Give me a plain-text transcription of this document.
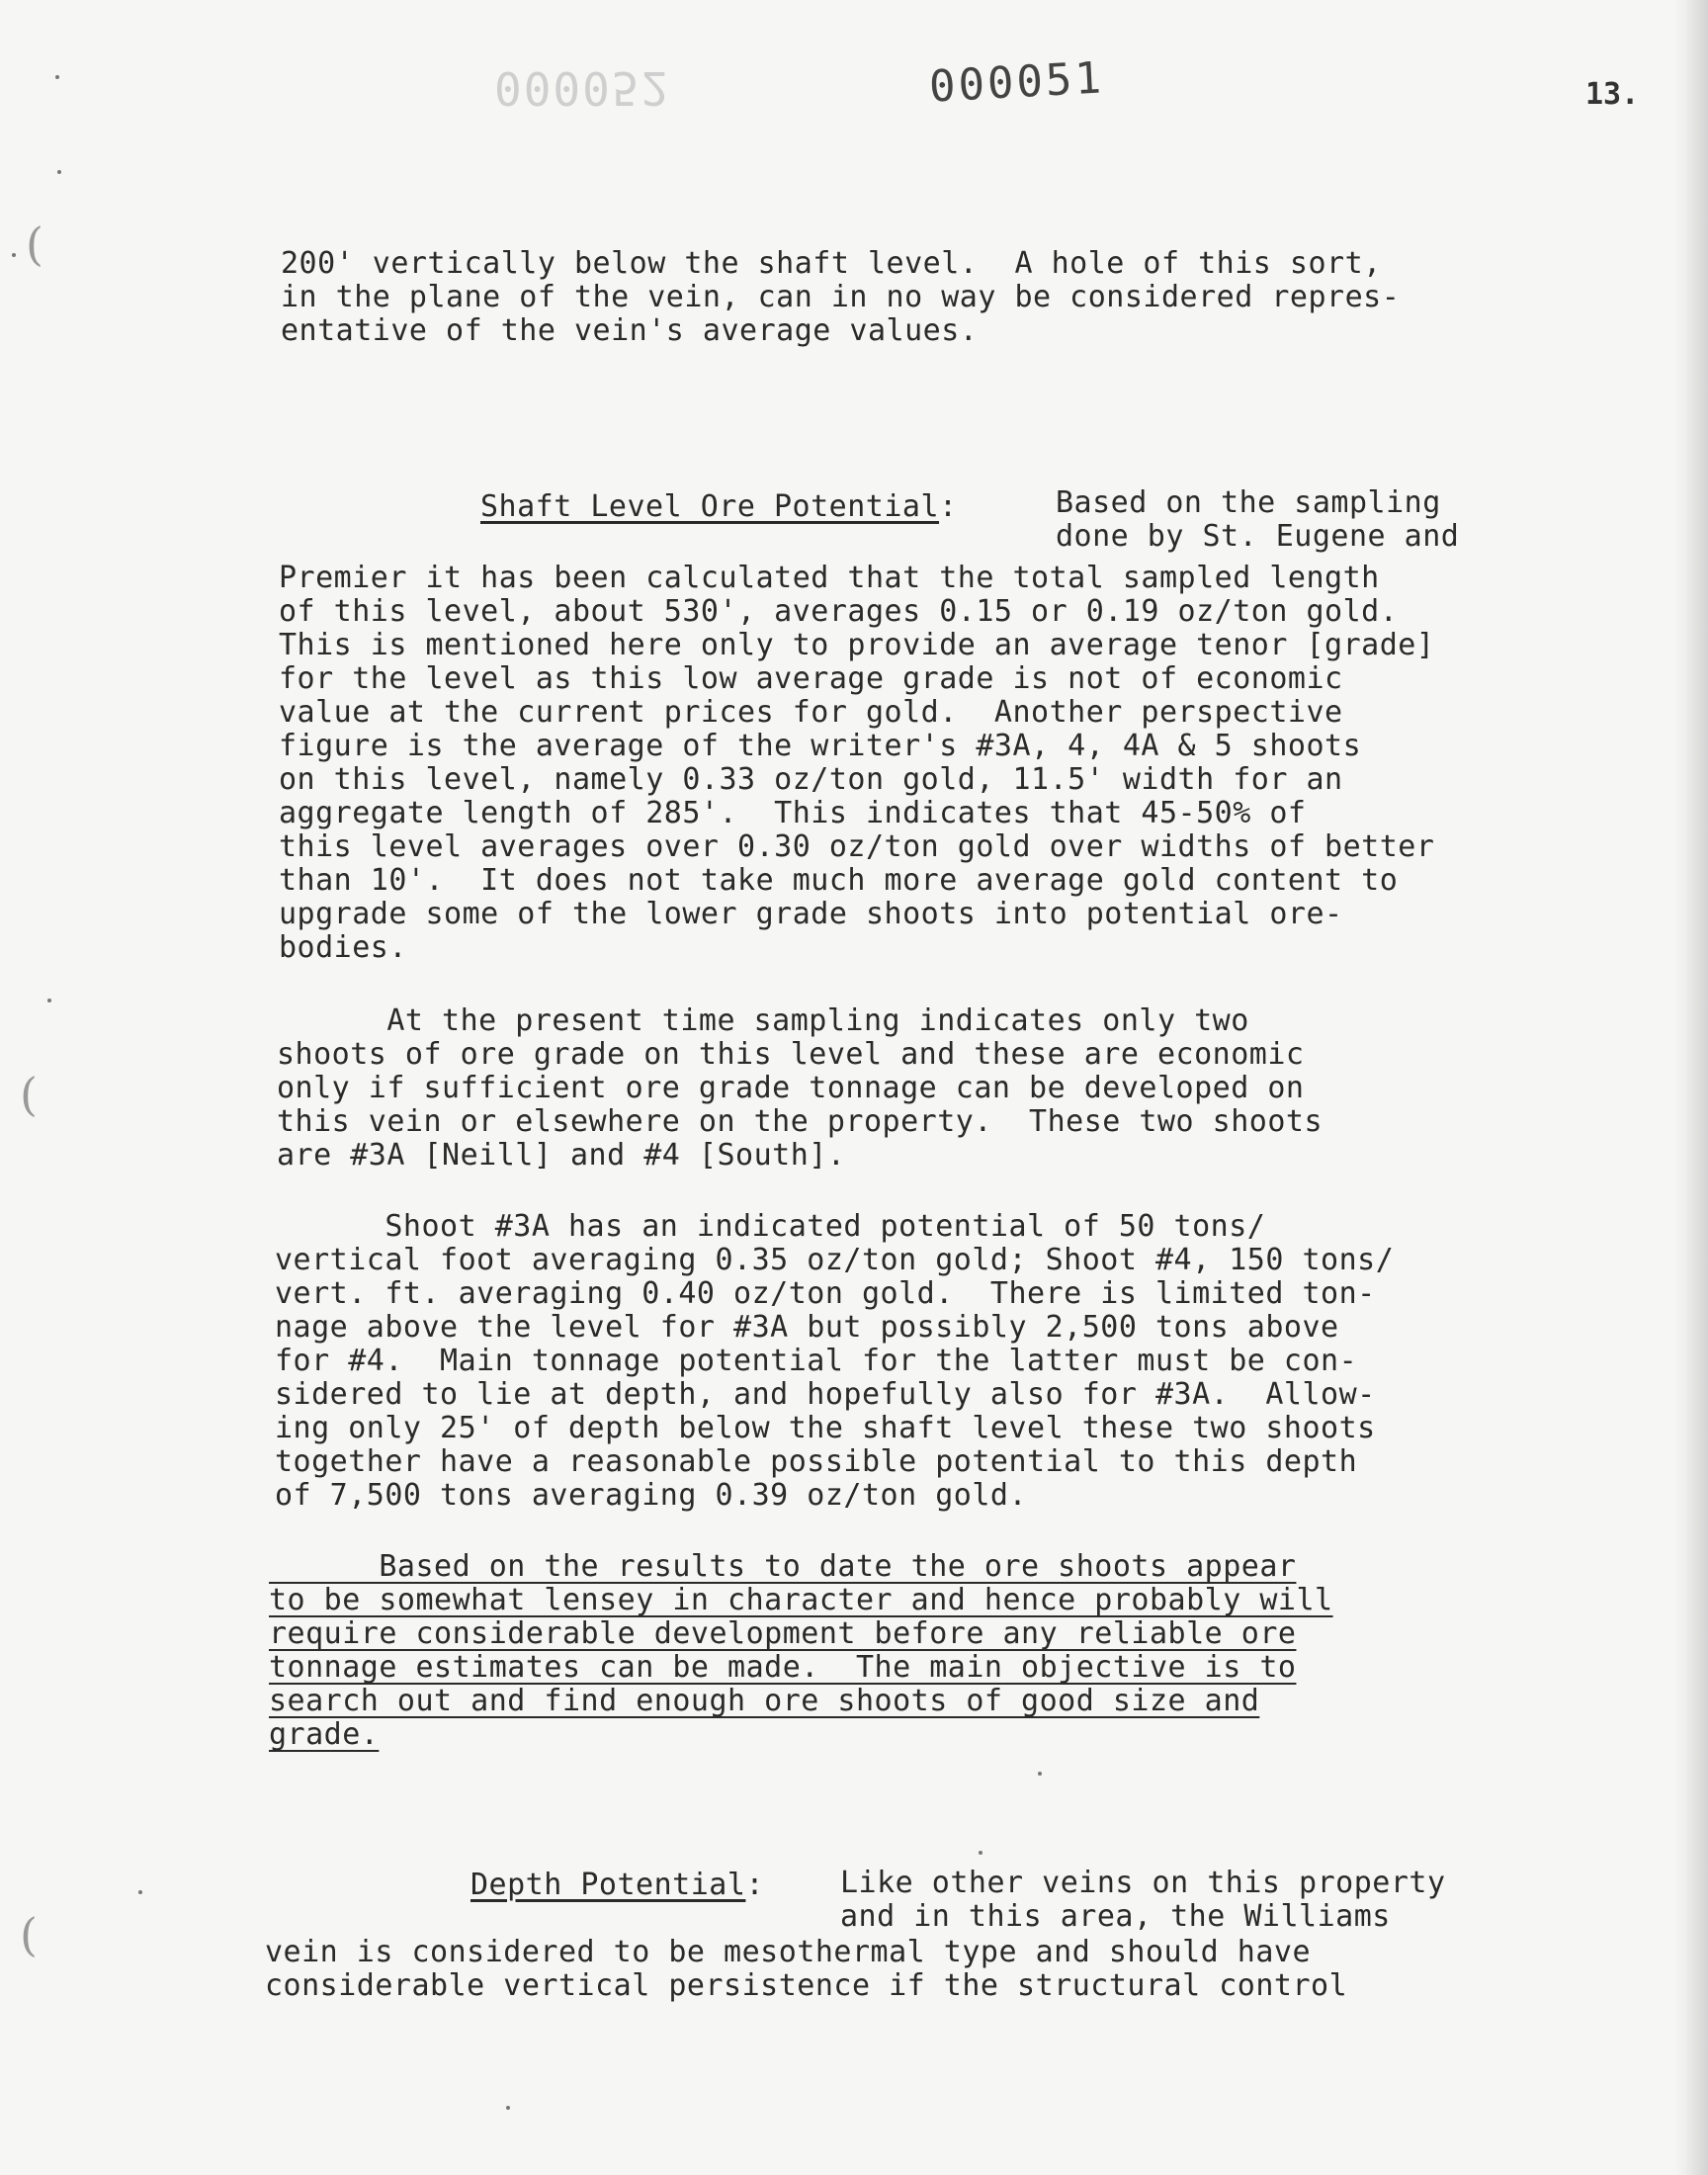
000052	000051	13.
(
(
(

200' vertically below the shaft level.  A hole of this sort,

in the plane of the vein, can in no way be considered repres-

entative of the vein's average values.

Shaft Level Ore Potential:	Based on the sampling

done by St. Eugene and

Premier it has been calculated that the total sampled length

of this level, about 530', averages 0.15 or 0.19 oz/ton gold.

This is mentioned here only to provide an average tenor [grade]

for the level as this low average grade is not of economic

value at the current prices for gold.  Another perspective

figure is the average of the writer's #3A, 4, 4A & 5 shoots

on this level, namely 0.33 oz/ton gold, 11.5' width for an

aggregate length of 285'.  This indicates that 45-50% of

this level averages over 0.30 oz/ton gold over widths of better

than 10'.  It does not take much more average gold content to

upgrade some of the lower grade shoots into potential ore-

bodies.

At the present time sampling indicates only two

shoots of ore grade on this level and these are economic

only if sufficient ore grade tonnage can be developed on

this vein or elsewhere on the property.  These two shoots

are #3A [Neill] and #4 [South].

Shoot #3A has an indicated potential of 50 tons/

vertical foot averaging 0.35 oz/ton gold; Shoot #4, 150 tons/

vert. ft. averaging 0.40 oz/ton gold.  There is limited ton-

nage above the level for #3A but possibly 2,500 tons above

for #4.  Main tonnage potential for the latter must be con-

sidered to lie at depth, and hopefully also for #3A.  Allow-

ing only 25' of depth below the shaft level these two shoots

together have a reasonable possible potential to this depth

of 7,500 tons averaging 0.39 oz/ton gold.

Based on the results to date the ore shoots appear

to be somewhat lensey in character and hence probably will

require considerable development before any reliable ore

tonnage estimates can be made.  The main objective is to

search out and find enough ore shoots of good size and

grade.

Depth Potential:	Like other veins on this property

and in this area, the Williams

vein is considered to be mesothermal type and should have

considerable vertical persistence if the structural control
